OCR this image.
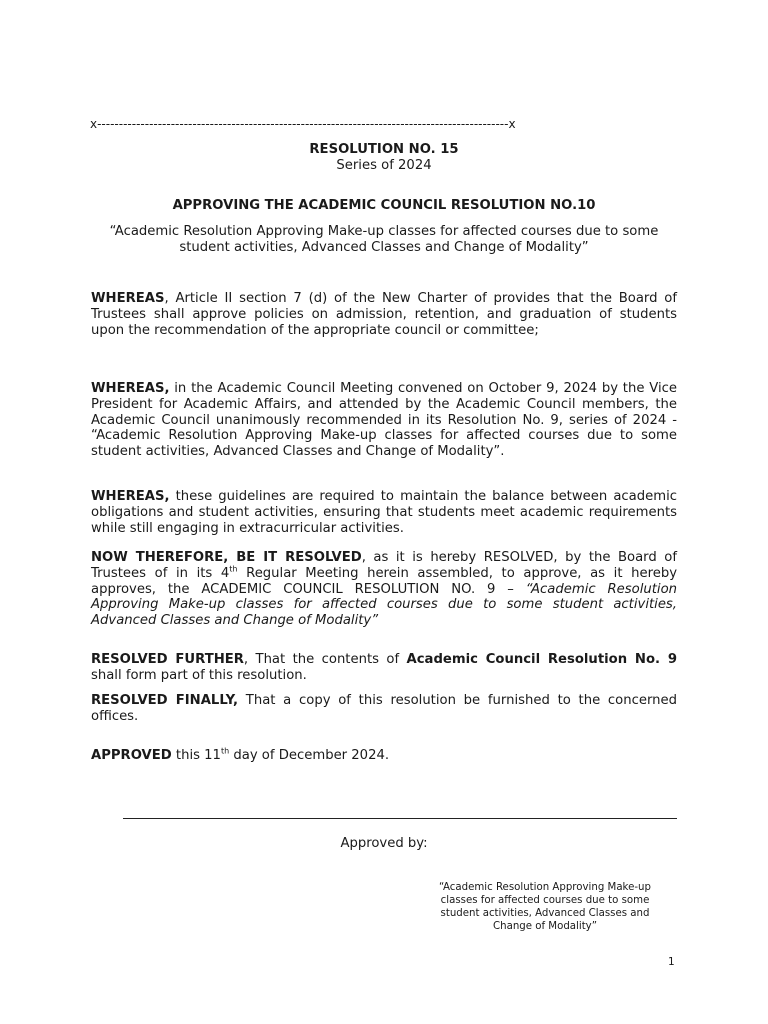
x-----------------------------------------------------------------------------------------------x
RESOLUTION NO. 15
Series of 2024
APPROVING THE ACADEMIC COUNCIL RESOLUTION NO.10
“Academic Resolution Approving Make-up classes for affected courses due to some student activities, Advanced Classes and Change of Modality”
WHEREAS, Article II section 7 (d) of the New Charter of provides that the Board of Trustees shall approve policies on admission, retention, and graduation of students upon the recommendation of the appropriate council or committee;
WHEREAS, in the Academic Council Meeting convened on October 9, 2024 by the Vice President for Academic Affairs, and attended by the Academic Council members, the Academic Council unanimously recommended in its Resolution No. 9, series of 2024 - “Academic Resolution Approving Make-up classes for affected courses due to some student activities, Advanced Classes and Change of Modality”.
WHEREAS, these guidelines are required to maintain the balance between academic obligations and student activities, ensuring that students meet academic requirements while still engaging in extracurricular activities.
NOW THEREFORE, BE IT RESOLVED, as it is hereby RESOLVED, by the Board of Trustees of in its 4th Regular Meeting herein assembled, to approve, as it hereby approves, the ACADEMIC COUNCIL RESOLUTION NO. 9 – “Academic Resolution Approving Make-up classes for affected courses due to some student activities, Advanced Classes and Change of Modality”
RESOLVED FURTHER, That the contents of Academic Council Resolution No. 9 shall form part of this resolution.
RESOLVED FINALLY, That a copy of this resolution be furnished to the concerned offices.
APPROVED this 11th day of December 2024.
Approved by:
“Academic Resolution Approving Make-up classes for affected courses due to some student activities, Advanced Classes and Change of Modality”
1
